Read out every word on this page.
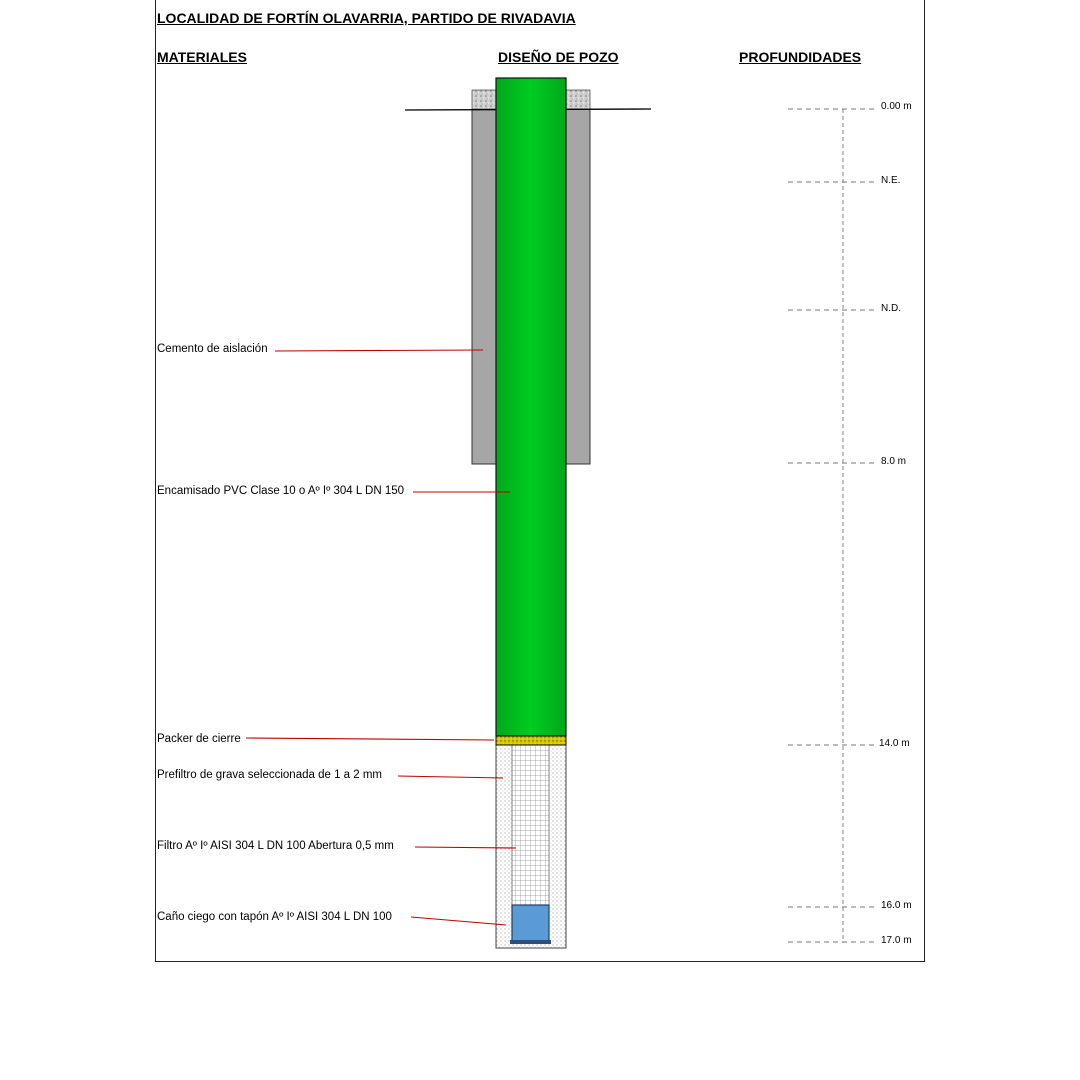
LOCALIDAD DE FORTÍN OLAVARRIA, PARTIDO DE RIVADAVIA
MATERIALES	DISEÑO DE POZO	PROFUNDIDADES
Cemento de aislación
Encamisado PVC Clase 10 o Aº Iº 304 L DN 150
Packer de cierre
Prefiltro de grava seleccionada de 1 a 2 mm
Filtro Aº Iº AISI 304 L DN 100 Abertura 0,5 mm
Caño ciego con tapón Aº Iº AISI 304 L DN 100
0.00 m
N.E.
N.D.
8.0 m
14.0 m
16.0 m
17.0 m
